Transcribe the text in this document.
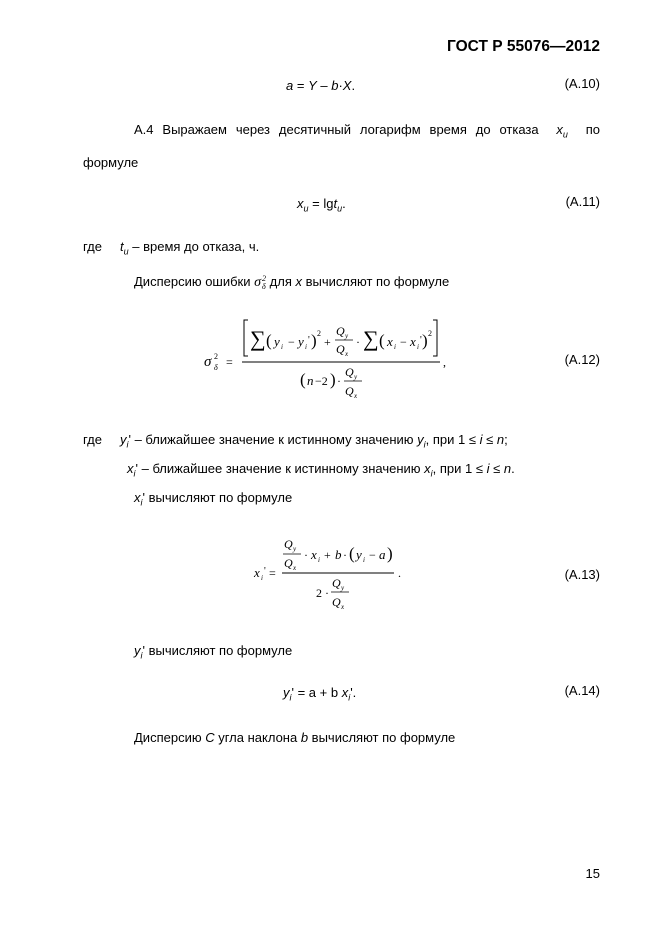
ГОСТ Р 55076—2012
a = Y – b·X.	(А.10)
А.4 Выражаем через десятичный логарифм время до отказа $x_u$ по
формуле
$x_u = \lg t_u$.	(А.11)
где $t_u$ – время до отказа, ч.
Дисперсию ошибки σ 2
δ для x вычисляют по формуле
σ 2
δ =
∑ ( y i − y i
' ) 2
+
Q y
Q x
· ∑ ( x i − x i
' ) 2
( n −2 ) ·
Q y
Q x
,	(А.12)
где $y_i'$ – ближайшее значение к истинному значению $y_i$, при 1 ≤ i ≤ n;
$x_i'$ – ближайшее значение к истинному значению $x_i$, при 1 ≤ i ≤ n.
$x_i'$ вычисляют по формуле
x i
' =
Q y
Q x
· x i + b · ( y i − a )
2 ·
Q y
Q x
.	(А.13)
$y_i'$ вычисляют по формуле
$y_i' = a + b$ $x_i'$.	(А.14)
Дисперсию C угла наклона b вычисляют по формуле
15
